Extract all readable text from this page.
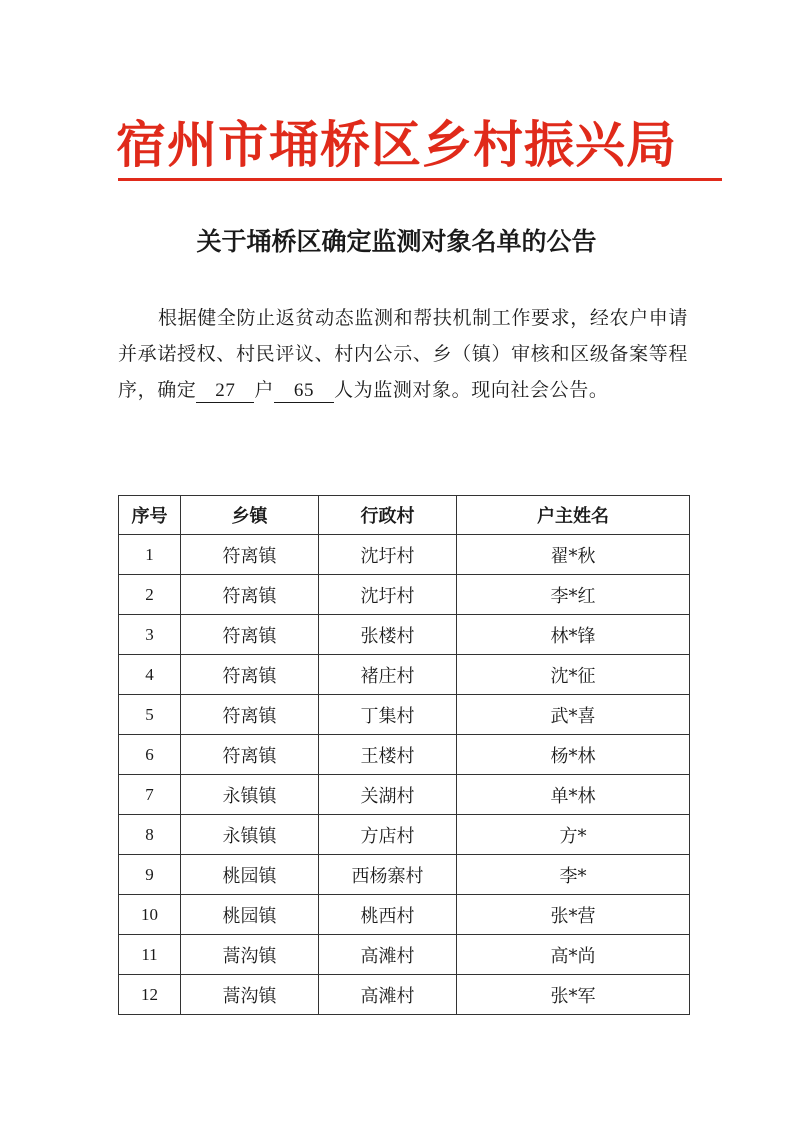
宿州市埇桥区乡村振兴局
关于埇桥区确定监测对象名单的公告
根据健全防止返贫动态监测和帮扶机制工作要求，经农户申请并承诺授权、村民评议、村内公示、乡（镇）审核和区级备案等程序，确定 27 户 65 人为监测对象。现向社会公告。
序号	乡镇	行政村	户主姓名
1	符离镇	沈圩村	翟*秋
2	符离镇	沈圩村	李*红
3	符离镇	张楼村	林*锋
4	符离镇	褚庄村	沈*征
5	符离镇	丁集村	武*喜
6	符离镇	王楼村	杨*林
7	永镇镇	关湖村	单*林
8	永镇镇	方店村	方*
9	桃园镇	西杨寨村	李*
10	桃园镇	桃西村	张*营
11	蒿沟镇	高滩村	高*尚
12	蒿沟镇	高滩村	张*军
